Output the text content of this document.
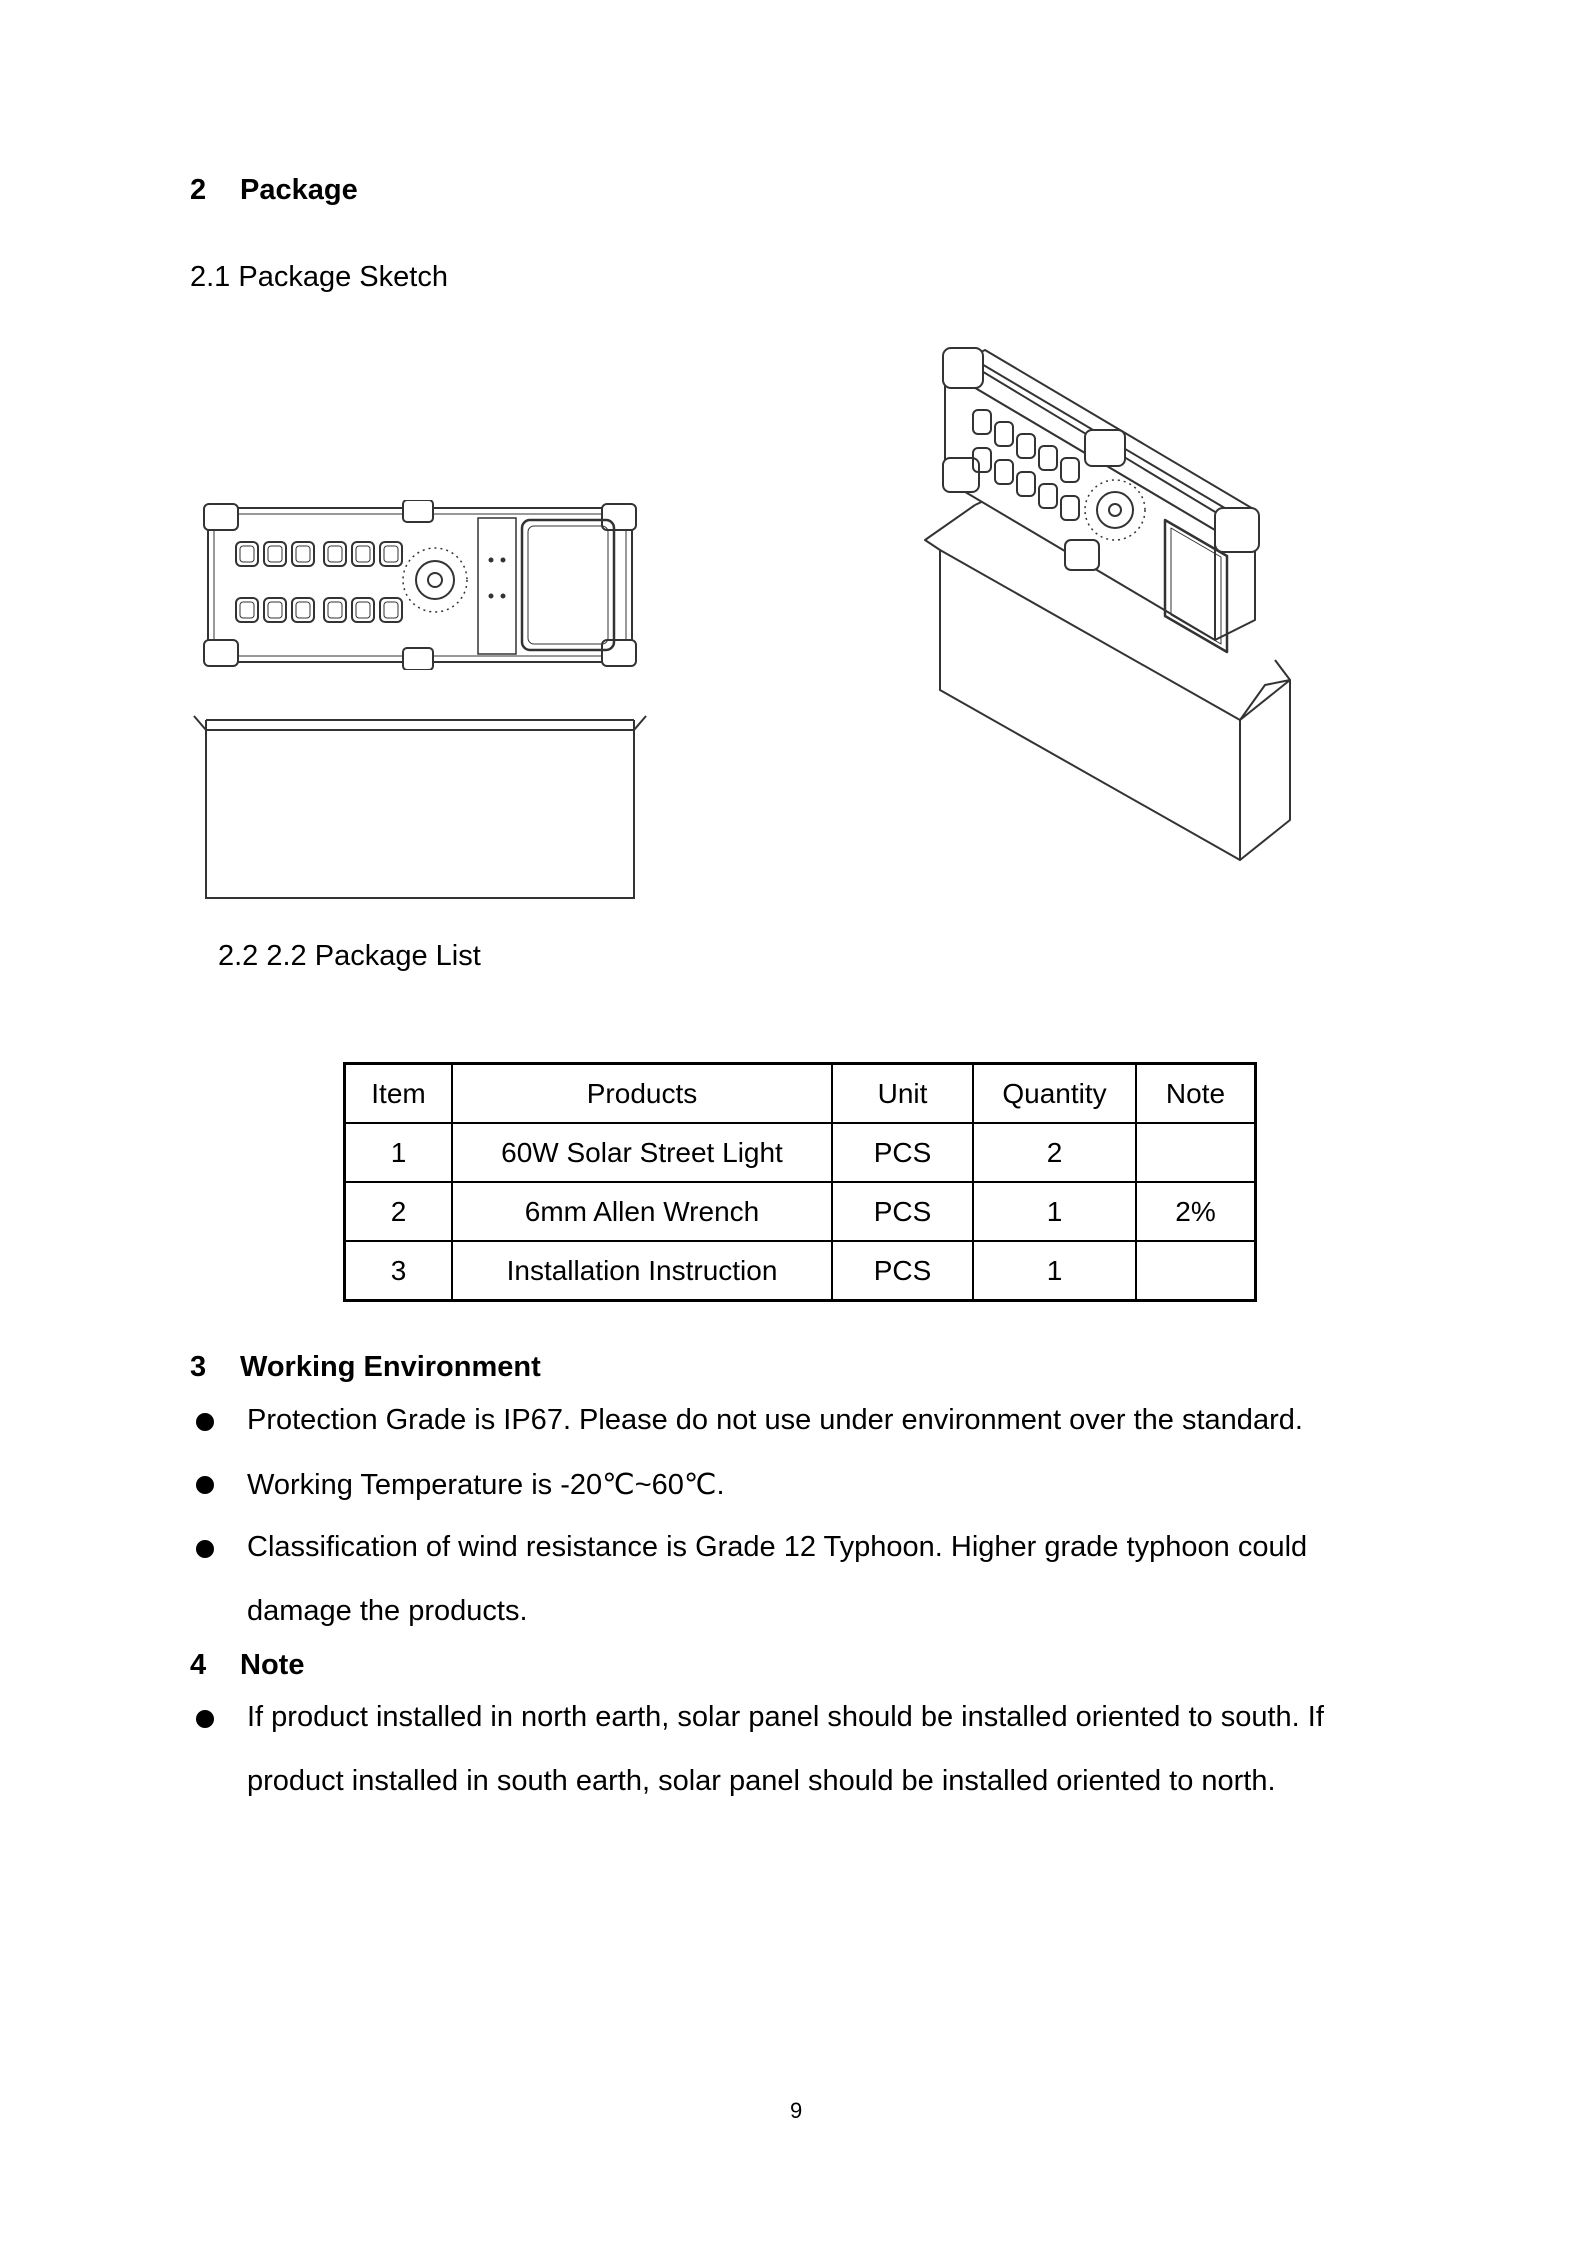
2 Package
2.1 Package Sketch
2.2 2.2 Package List
Item	Products	Unit	Quantity	Note
1	60W Solar Street Light	PCS	2	
2	6mm Allen Wrench	PCS	1	2%
3	Installation Instruction	PCS	1	
3 Working Environment
Protection Grade is IP67. Please do not use under environment over the standard.
Working Temperature is -20℃~60℃.
Classification of wind resistance is Grade 12 Typhoon. Higher grade typhoon could
damage the products.
4 Note
If product installed in north earth, solar panel should be installed oriented to south. If
product installed in south earth, solar panel should be installed oriented to north.
9
